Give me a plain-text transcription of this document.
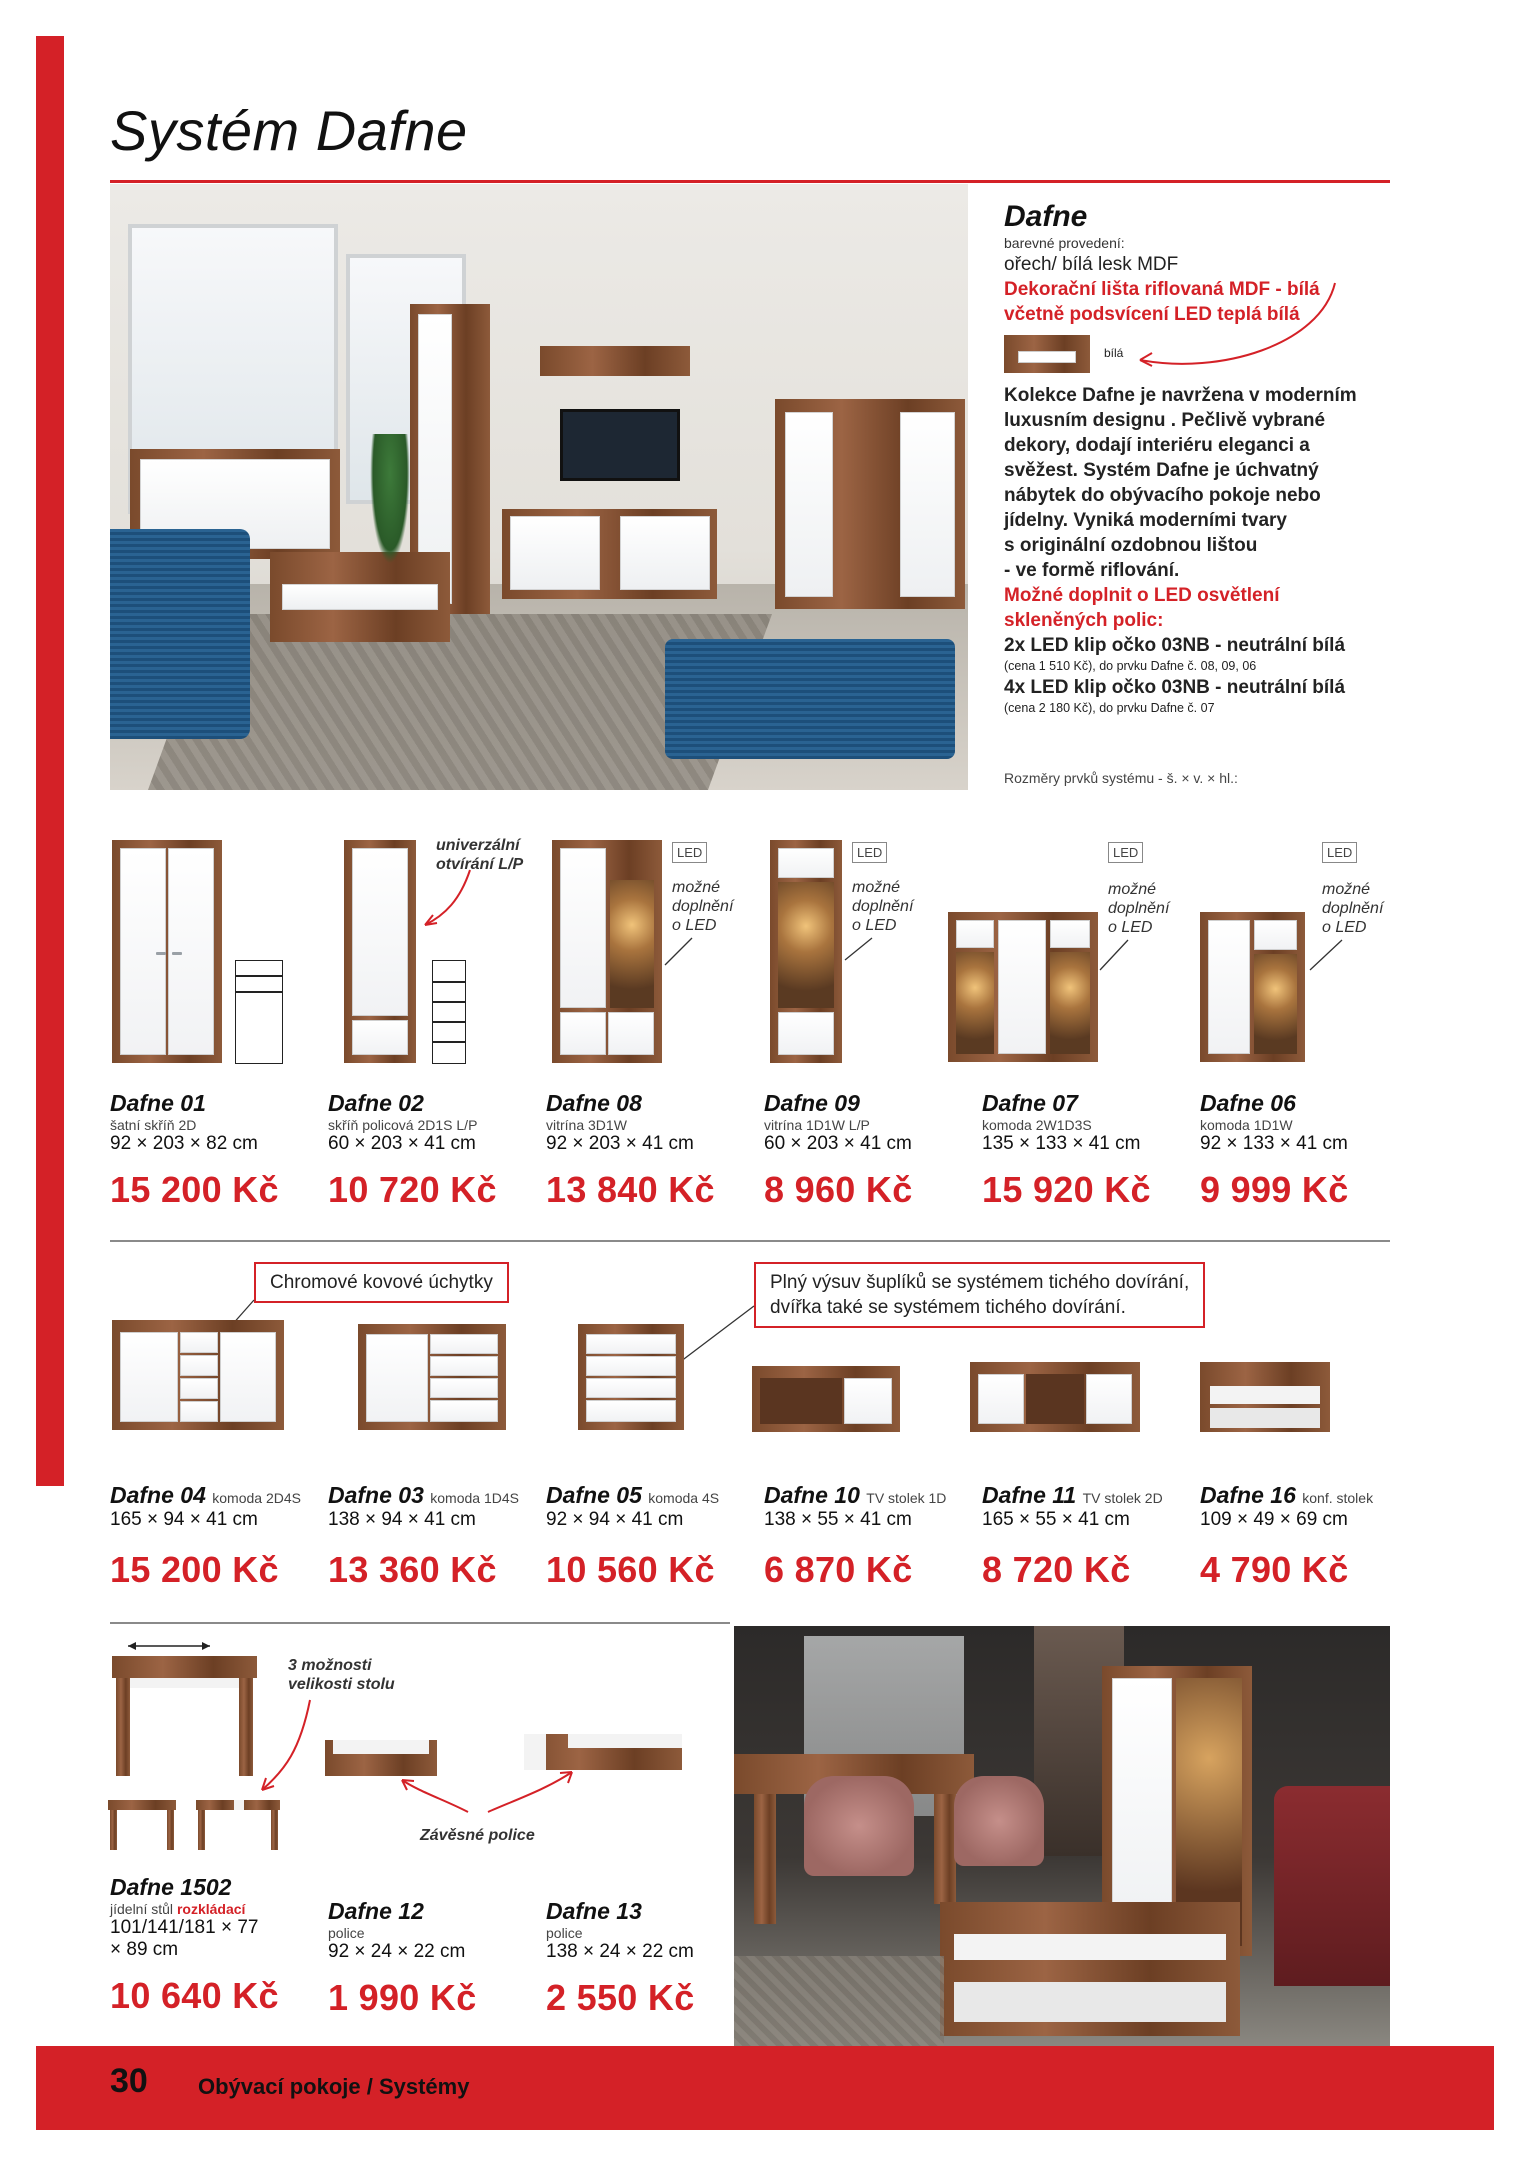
Systém Dafne
Dafne
barevné provedení:
ořech/ bílá lesk MDF
Dekorační lišta riflovaná MDF - bílá
včetně podsvícení LED teplá bílá
bílá
Kolekce Dafne je navržena v moderním
luxusním designu . Pečlivě vybrané
dekory, dodají interiéru eleganci a
svěžest. Systém Dafne je úchvatný
nábytek do obývacího pokoje nebo
jídelny. Vyniká moderními tvary
s originální ozdobnou lištou
- ve formě riflování.
Možné doplnit o LED osvětlení
skleněných polic:
2x LED klip očko 03NB - neutrální bílá
(cena 1 510 Kč), do prvku Dafne č. 08, 09, 06
4x LED klip očko 03NB - neutrální bílá
(cena 2 180 Kč), do prvku Dafne č. 07
Rozměry prvků systému - š. × v. × hl.:
univerzální
otvírání L/P
LED
možné
doplnění
o LED
LED
možné
doplnění
o LED
LED
možné
doplnění
o LED
LED
možné
doplnění
o LED
Dafne 01
šatní skříň 2D
92 × 203 × 82 cm
15 200 Kč
Dafne 02
skříň policová 2D1S L/P
60 × 203 × 41 cm
10 720 Kč
Dafne 08
vitrína 3D1W
92 × 203 × 41 cm
13 840 Kč
Dafne 09
vitrína 1D1W L/P
60 × 203 × 41 cm
8 960 Kč
Dafne 07
komoda 2W1D3S
135 × 133 × 41 cm
15 920 Kč
Dafne 06
komoda 1D1W
92 × 133 × 41 cm
9 999 Kč
Chromové kovové úchytky	Plný výsuv šuplíků se systémem tichého dovírání,
dvířka také se systémem tichého dovírání.
Dafne 04 komoda 2D4S
165 × 94 × 41 cm
15 200 Kč
Dafne 03 komoda 1D4S
138 × 94 × 41 cm
13 360 Kč
Dafne 05 komoda 4S
92 × 94 × 41 cm
10 560 Kč
Dafne 10 TV stolek 1D
138 × 55 × 41 cm
6 870 Kč
Dafne 11 TV stolek 2D
165 × 55 × 41 cm
8 720 Kč
Dafne 16 konf. stolek
109 × 49 × 69 cm
4 790 Kč
3 možnosti
velikosti stolu
Závěsné police
Dafne 1502
jídelní stůl rozkládací
101/141/181 × 77
× 89 cm
10 640 Kč
Dafne 12
police
92 × 24 × 22 cm
1 990 Kč
Dafne 13
police
138 × 24 × 22 cm
2 550 Kč
30 Obývací pokoje / Systémy
